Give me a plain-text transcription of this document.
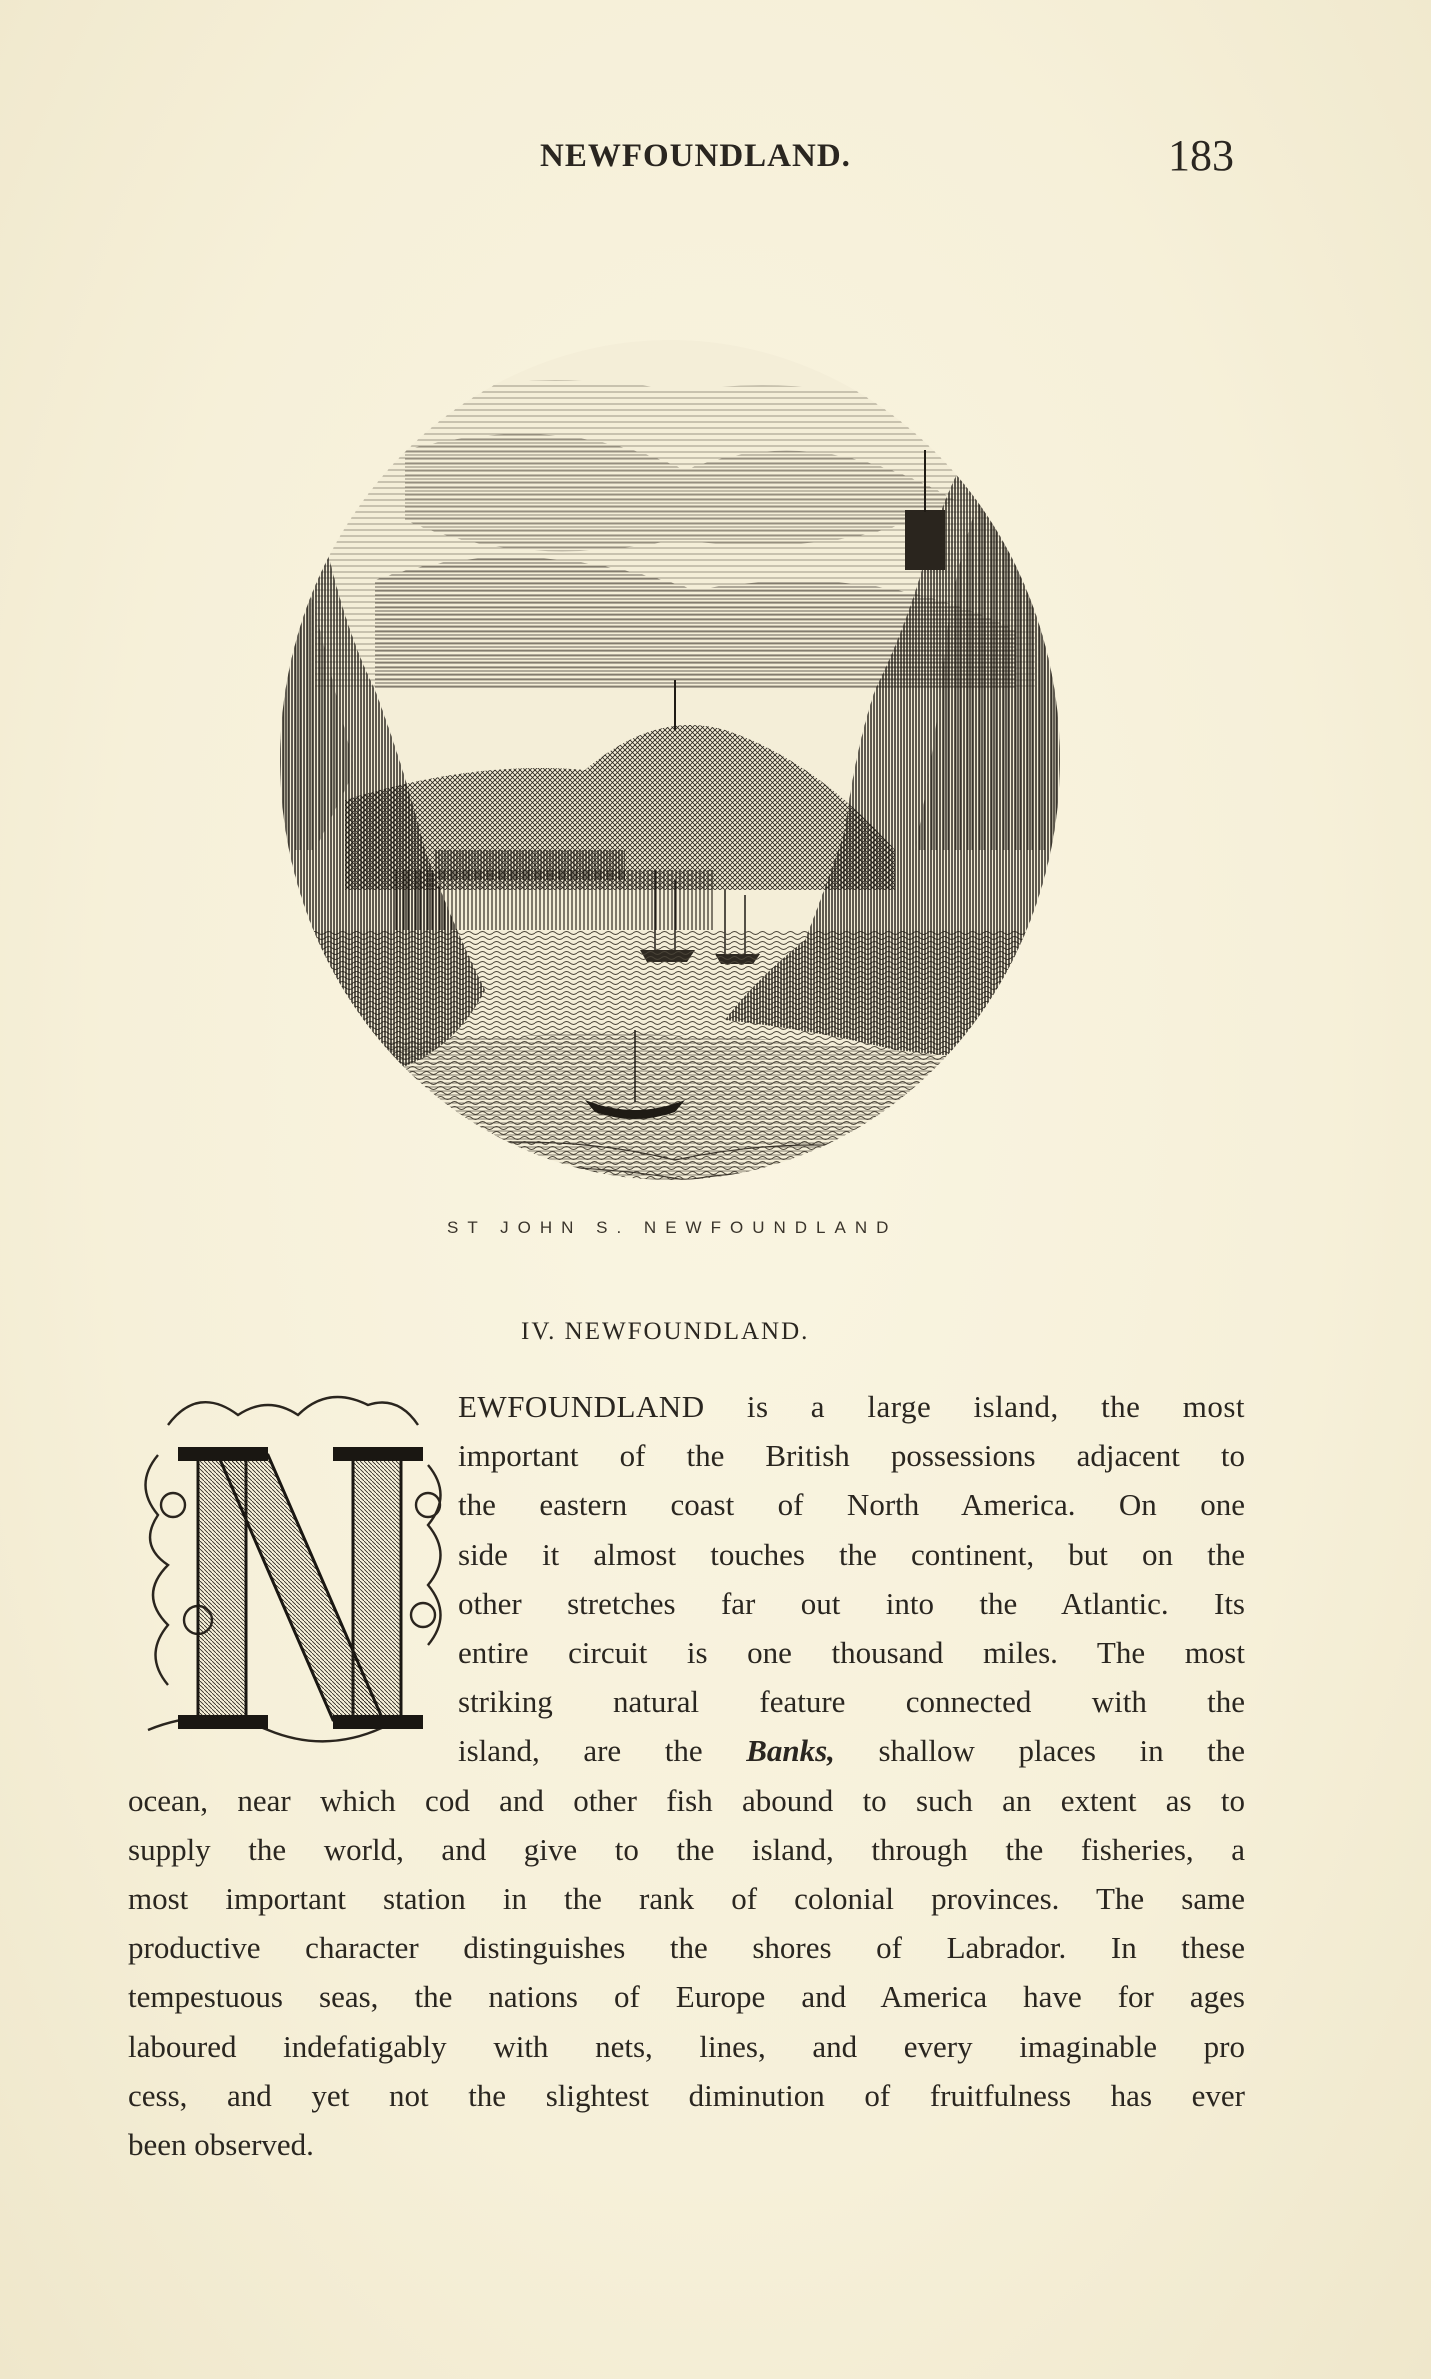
NEWFOUNDLAND.	183
ST JOHN S. NEWFOUNDLAND
IV. NEWFOUNDLAND.
N
EWFOUNDLAND is a large island, the most
important of the British possessions adjacent to
the eastern coast of North America. On one
side it almost touches the continent, but on the
other stretches far out into the Atlantic. Its
entire circuit is one thousand miles. The most
striking natural feature connected with the
island, are the Banks, shallow places in the
ocean, near which cod and other fish abound to such an extent as to
supply the world, and give to the island, through the fisheries, a
most important station in the rank of colonial provinces. The same
productive character distinguishes the shores of Labrador. In these
tempestuous seas, the nations of Europe and America have for ages
laboured indefatigably with nets, lines, and every imaginable pro
cess, and yet not the slightest diminution of fruitfulness has ever
been observed.
